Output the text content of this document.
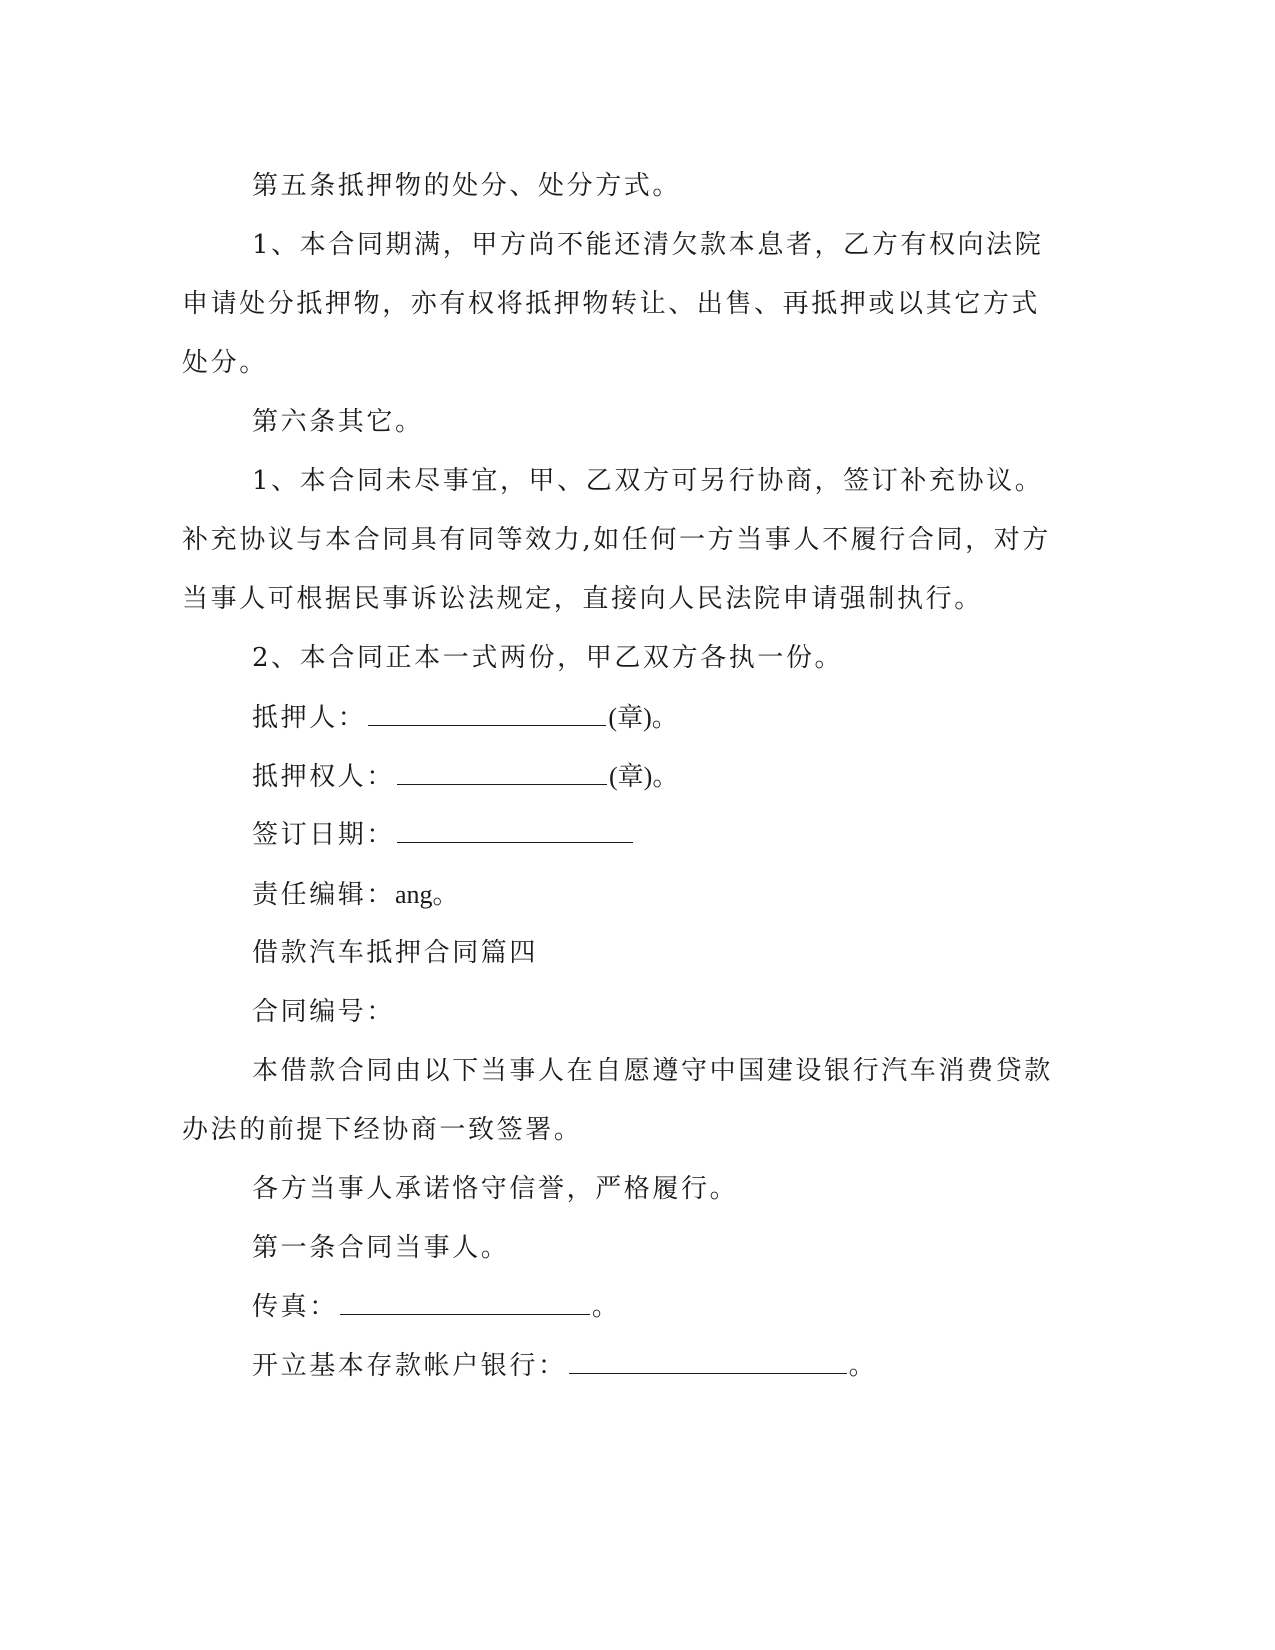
第五条抵押物的处分、处分方式。
1、本合同期满，甲方尚不能还清欠款本息者，乙方有权向法院
申请处分抵押物，亦有权将抵押物转让、出售、再抵押或以其它方式
处分。
第六条其它。
1、本合同未尽事宜，甲、乙双方可另行协商，签订补充协议。
补充协议与本合同具有同等效力,如任何一方当事人不履行合同，对方
当事人可根据民事诉讼法规定，直接向人民法院申请强制执行。
2、本合同正本一式两份，甲乙双方各执一份。
抵押人：	(章)。
抵押权人：	(章)。
签订日期：
责任编辑：ang。
借款汽车抵押合同篇四
合同编号：
本借款合同由以下当事人在自愿遵守中国建设银行汽车消费贷款
办法的前提下经协商一致签署。
各方当事人承诺恪守信誉，严格履行。
第一条合同当事人。
传真：	。
开立基本存款帐户银行：	。
